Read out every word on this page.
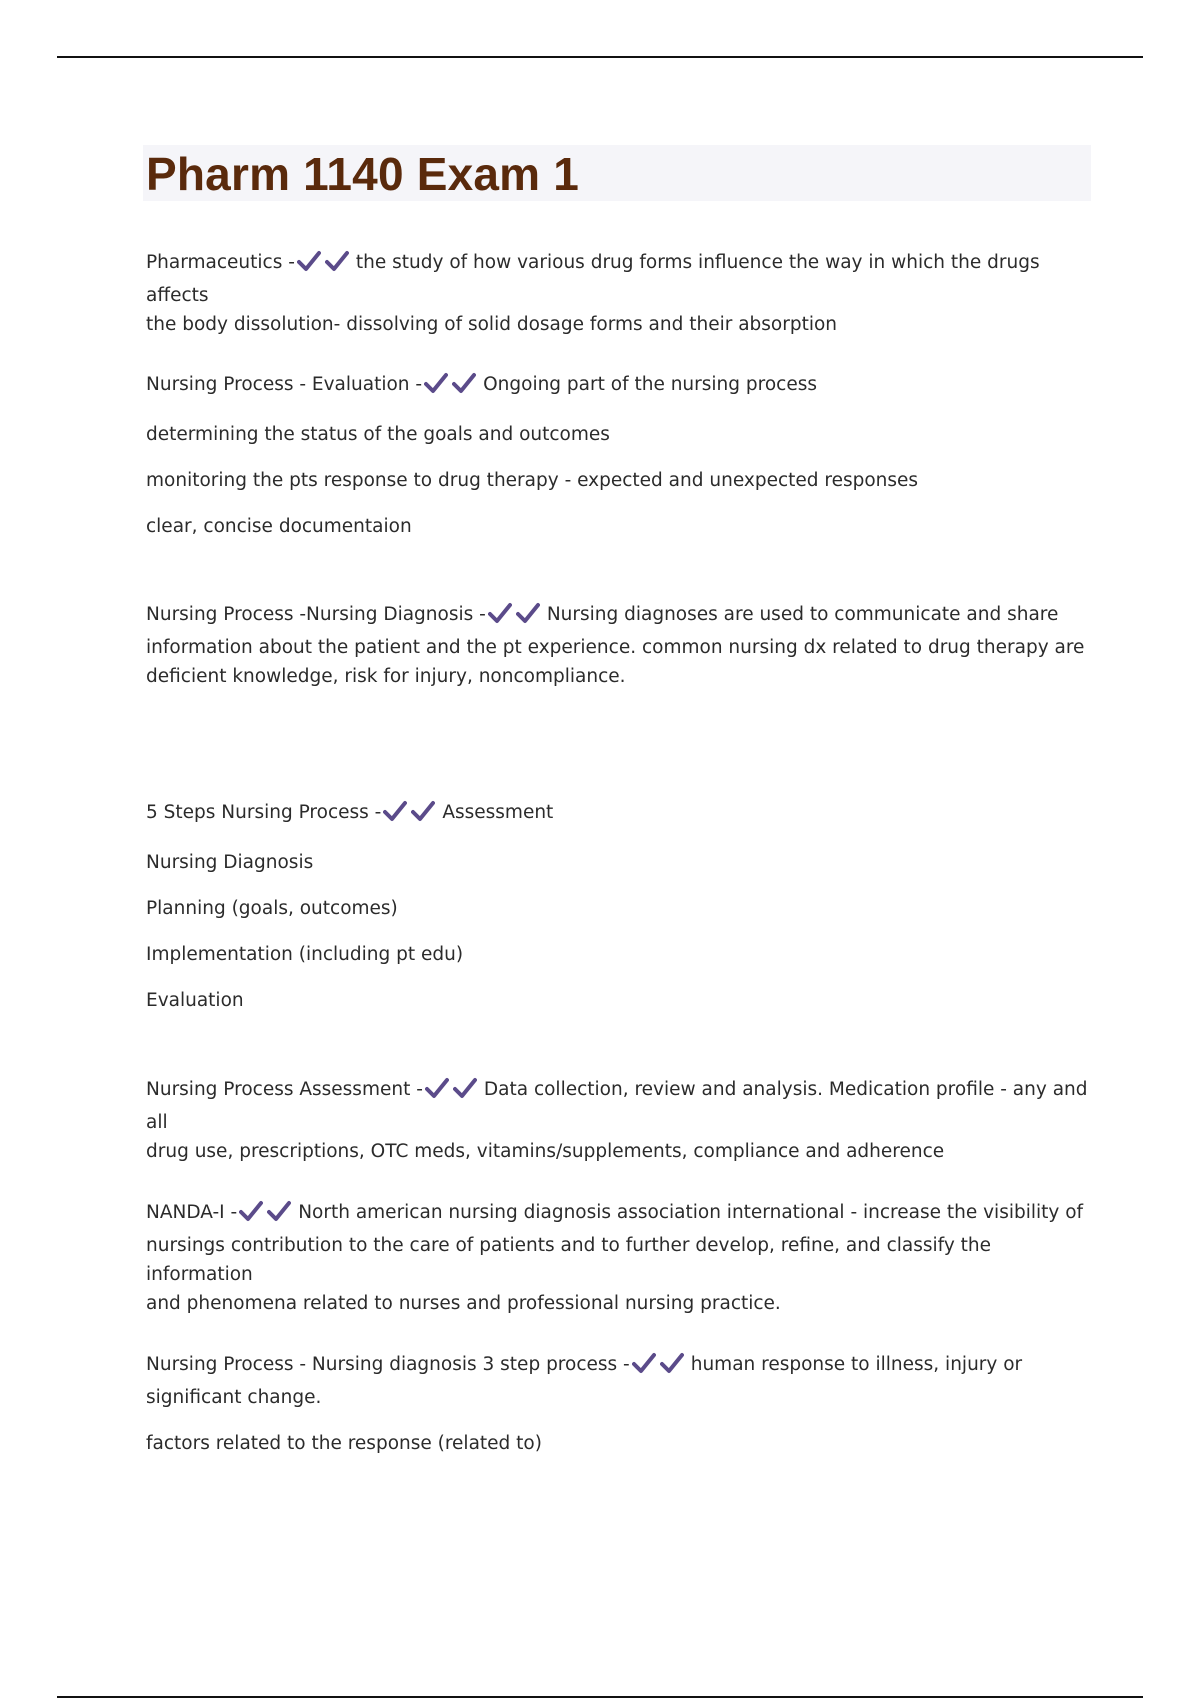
Pharm 1140 Exam 1

Pharmaceutics -	the study of how various drug forms influence the way in which the drugs affects

the body dissolution- dissolving of solid dosage forms and their absorption

Nursing Process - Evaluation -	Ongoing part of the nursing process

determining the status of the goals and outcomes

monitoring the pts response to drug therapy - expected and unexpected responses

clear, concise documentaion

Nursing Process -Nursing Diagnosis -	Nursing diagnoses are used to communicate and share

information about the patient and the pt experience. common nursing dx related to drug therapy are

deficient knowledge, risk for injury, noncompliance.

5 Steps Nursing Process -	Assessment

Nursing Diagnosis

Planning (goals, outcomes)

Implementation (including pt edu)

Evaluation

Nursing Process Assessment -	Data collection, review and analysis. Medication profile - any and all

drug use, prescriptions, OTC meds, vitamins/supplements, compliance and adherence

NANDA-I -	North american nursing diagnosis association international - increase the visibility of

nursings contribution to the care of patients and to further develop, refine, and classify the information

and phenomena related to nurses and professional nursing practice.

Nursing Process - Nursing diagnosis 3 step process -	human response to illness, injury or

significant change.

factors related to the response (related to)
